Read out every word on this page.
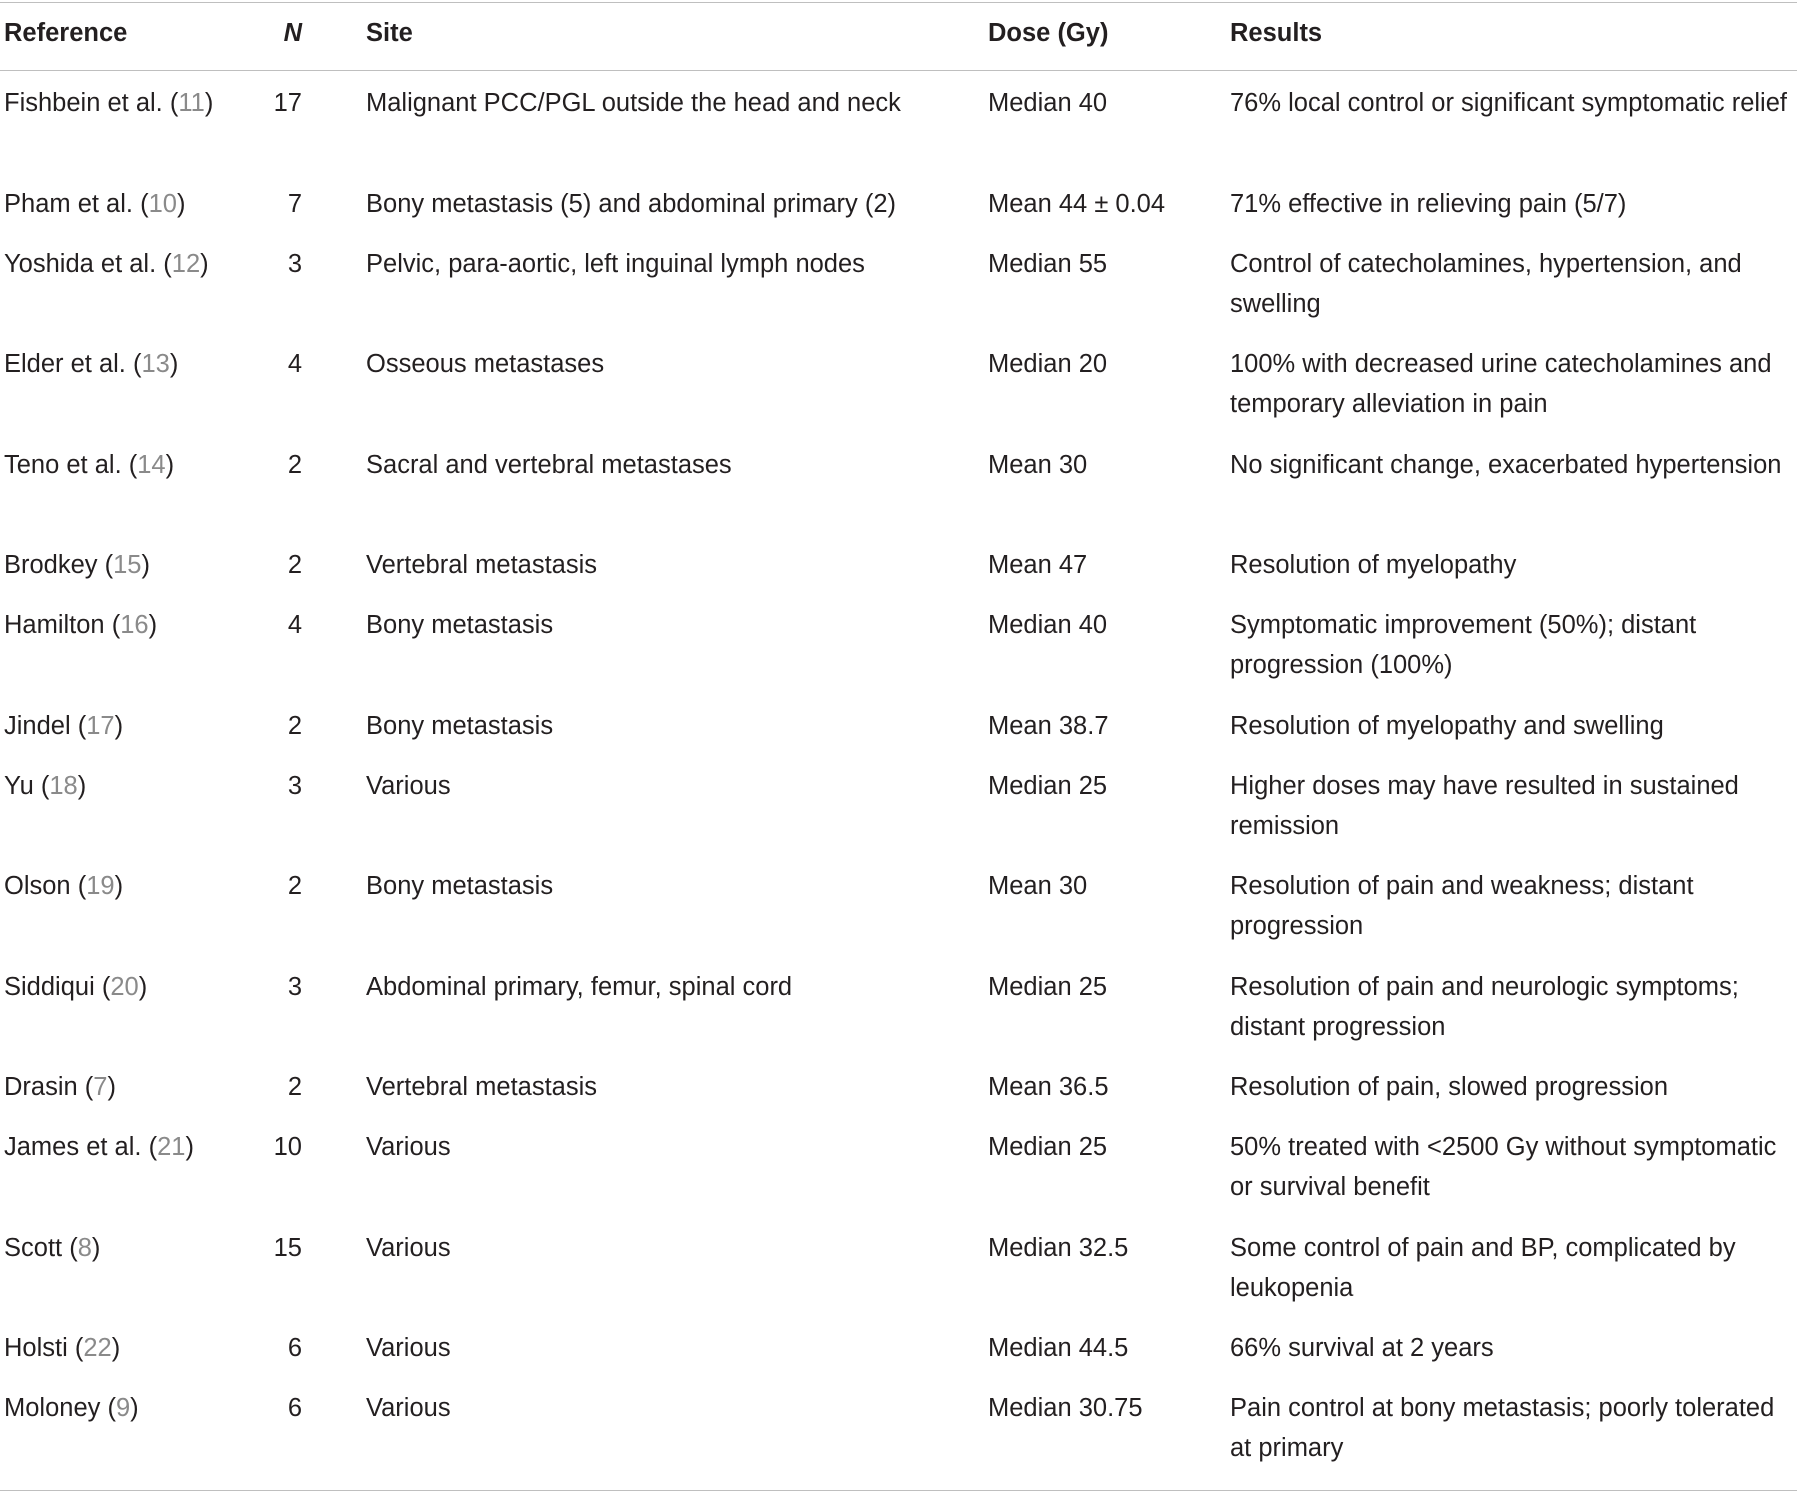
Reference	N	Site	Dose (Gy)	Results
Fishbein et al. (11)	17	Malignant PCC/PGL outside the head and neck	Median 40	76% local control or significant symptomatic relief
Pham et al. (10)	7	Bony metastasis (5) and abdominal primary (2)	Mean 44 ± 0.04	71% effective in relieving pain (5/7)
Yoshida et al. (12)	3	Pelvic, para-aortic, left inguinal lymph nodes	Median 55	Control of catecholamines, hypertension, and swelling
Elder et al. (13)	4	Osseous metastases	Median 20	100% with decreased urine catecholamines and temporary alleviation in pain
Teno et al. (14)	2	Sacral and vertebral metastases	Mean 30	No significant change, exacerbated hypertension
Brodkey (15)	2	Vertebral metastasis	Mean 47	Resolution of myelopathy
Hamilton (16)	4	Bony metastasis	Median 40	Symptomatic improvement (50%); distant progression (100%)
Jindel (17)	2	Bony metastasis	Mean 38.7	Resolution of myelopathy and swelling
Yu (18)	3	Various	Median 25	Higher doses may have resulted in sustained remission
Olson (19)	2	Bony metastasis	Mean 30	Resolution of pain and weakness; distant progression
Siddiqui (20)	3	Abdominal primary, femur, spinal cord	Median 25	Resolution of pain and neurologic symptoms; distant progression
Drasin (7)	2	Vertebral metastasis	Mean 36.5	Resolution of pain, slowed progression
James et al. (21)	10	Various	Median 25	50% treated with <2500 Gy without symptomatic or survival benefit
Scott (8)	15	Various	Median 32.5	Some control of pain and BP, complicated by leukopenia
Holsti (22)	6	Various	Median 44.5	66% survival at 2 years
Moloney (9)	6	Various	Median 30.75	Pain control at bony metastasis; poorly tolerated at primary
